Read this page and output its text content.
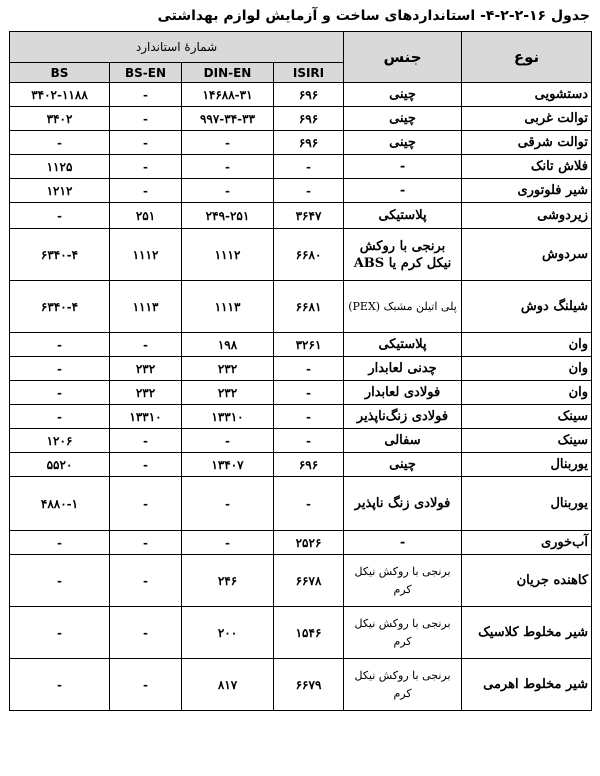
جدول ۱۶-۲-۲-۴- استانداردهای ساخت و آزمایش لوازم بهداشتی
شمارهٔ استاندارد				جنس	نوع
BS	BS-EN	DIN-EN	ISIRI		
۳۴۰۲-۱۱۸۸	-	۱۴۶۸۸-۳۱	۶۹۶	چینی	دستشویی
۳۴۰۲	-	۹۹۷-۳۴-۳۳	۶۹۶	چینی	توالت غربی
-	-	-	۶۹۶	چینی	توالت شرقی
۱۱۲۵	-	-	-	-	فلاش تانک
۱۲۱۲	-	-	-	-	شیر فلوتوری
-	۲۵۱	۲۴۹-۲۵۱	۳۶۴۷	پلاستیکی	زیردوشی
۶۳۴۰-۴	۱۱۱۲	۱۱۱۲	۶۶۸۰	برنجی با روکش نیکل کرم یا ABS	سردوش
۶۳۴۰-۴	۱۱۱۳	۱۱۱۳	۶۶۸۱	پلی اتیلن مشبک (PEX)	شیلنگ دوش
-	-	۱۹۸	۳۲۶۱	پلاستیکی	وان
-	۲۳۲	۲۳۲	-	چدنی لعابدار	وان
-	۲۳۲	۲۳۲	-	فولادی لعابدار	وان
-	۱۳۳۱۰	۱۳۳۱۰	-	فولادی زنگ‌ناپذیر	سینک
۱۲۰۶	-	-	-	سفالی	سینک
۵۵۲۰	-	۱۳۴۰۷	۶۹۶	چینی	یوربنال
۴۸۸۰-۱	-	-	-	فولادی زنگ ناپذیر	یوربنال
-	-	-	۲۵۲۶	-	آب‌خوری
-	-	۲۴۶	۶۶۷۸	برنجی با روکش نیکل کرم	کاهنده جریان
-	-	۲۰۰	۱۵۴۶	برنجی با روکش نیکل کرم	شیر مخلوط کلاسیک
-	-	۸۱۷	۶۶۷۹	برنجی با روکش نیکل کرم	شیر مخلوط اهرمی
